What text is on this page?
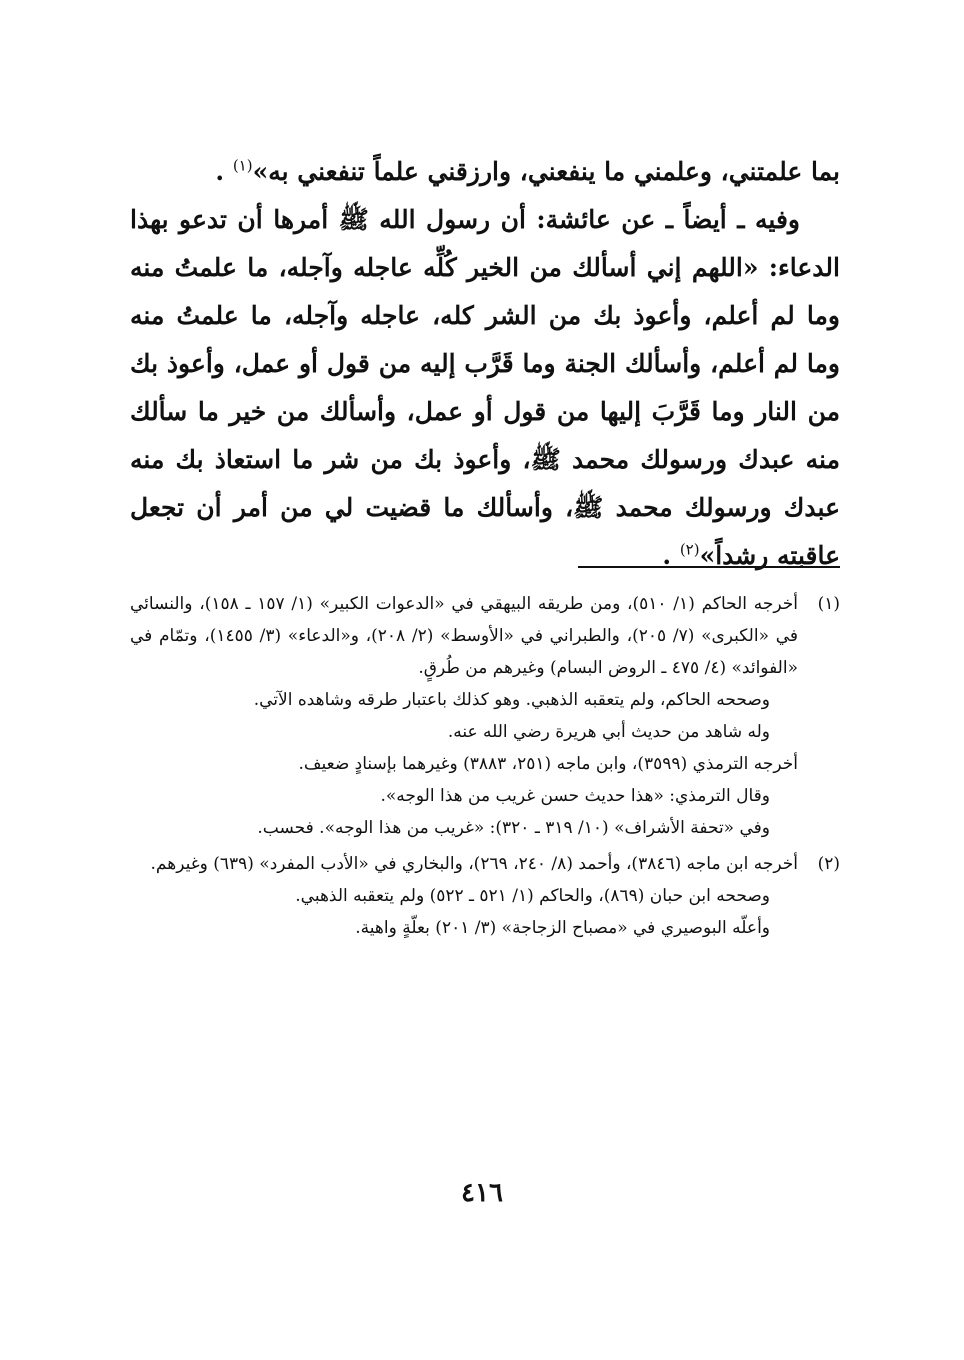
بما علمتني، وعلمني ما ينفعني، وارزقني علماً تنفعني به»$^{(١)}$ .

وفيه ـ أيضاً ـ عن عائشة: أن رسول الله ﷺ أمرها أن تدعو بهذا الدعاء: «اللهم إني أسألك من الخير كُلِّه عاجله وآجله، ما علمتُ منه وما لم أعلم، وأعوذ بك من الشر كله، عاجله وآجله، ما علمتُ منه وما لم أعلم، وأسألك الجنة وما قَرَّب إليه من قول أو عمل، وأعوذ بك من النار وما قَرَّبَ إليها من قول أو عمل، وأسألك من خير ما سألك منه عبدك ورسولك محمد ﷺ، وأعوذ بك من شر ما استعاذ بك منه عبدك ورسولك محمد ﷺ، وأسألك ما قضيت لي من أمر أن تجعل عاقبته رشداً»$^{(٢)}$ .

(١)

أخرجه الحاكم (١/ ٥١٠)، ومن طريقه البيهقي في «الدعوات الكبير» (١/ ١٥٧ ـ ١٥٨)، والنسائي في «الكبرى» (٧/ ٢٠٥)، والطبراني في «الأوسط» (٢/ ٢٠٨)، و«الدعاء» (٣/ ١٤٥٥)، وتمّام في «الفوائد» (٤/ ٤٧٥ ـ الروض البسام) وغيرهم من طُرقٍ.

وصححه الحاكم، ولم يتعقبه الذهبي. وهو كذلك باعتبار طرقه وشاهده الآتي.

وله شاهد من حديث أبي هريرة رضي الله عنه.

أخرجه الترمذي (٣٥٩٩)، وابن ماجه (٢٥١، ٣٨٨٣) وغيرهما بإسنادٍ ضعيف.

وقال الترمذي: «هذا حديث حسن غريب من هذا الوجه».

وفي «تحفة الأشراف» (١٠/ ٣١٩ ـ ٣٢٠): «غريب من هذا الوجه». فحسب.

(٢)

أخرجه ابن ماجه (٣٨٤٦)، وأحمد (٨/ ٢٤٠، ٢٦٩)، والبخاري في «الأدب المفرد» (٦٣٩) وغيرهم.

وصححه ابن حبان (٨٦٩)، والحاكم (١/ ٥٢١ ـ ٥٢٢) ولم يتعقبه الذهبي.

وأعلّه البوصيري في «مصباح الزجاجة» (٣/ ٢٠١) بعلّةٍ واهية.

٤١٦
